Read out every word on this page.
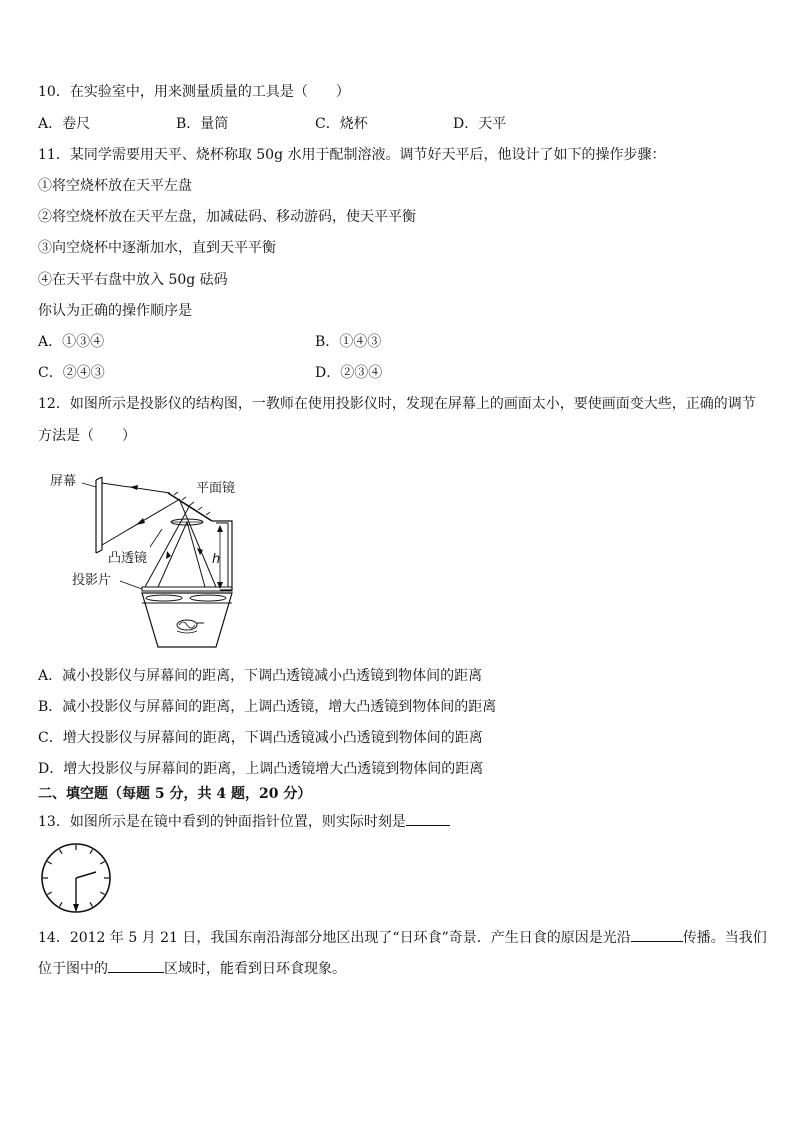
10．在实验室中，用来测量质量的工具是（　　）
A．卷尺	B．量筒	C．烧杯	D．天平
11．某同学需要用天平、烧杯称取 50g 水用于配制溶液。调节好天平后，他设计了如下的操作步骤：
①将空烧杯放在天平左盘
②将空烧杯放在天平左盘，加减砝码、移动游码，使天平平衡
③向空烧杯中逐渐加水，直到天平平衡
④在天平右盘中放入 50g 砝码
你认为正确的操作顺序是
A．①③④	B．①④③
C．②④③	D．②③④
12．如图所示是投影仪的结构图，一教师在使用投影仪时，发现在屏幕上的画面太小，要使画面变大些，正确的调节
方法是（　　）
屏幕	平面镜
h
凸透镜
投影片
A．减小投影仪与屏幕间的距离，下调凸透镜减小凸透镜到物体间的距离
B．减小投影仪与屏幕间的距离，上调凸透镜，增大凸透镜到物体间的距离
C．增大投影仪与屏幕间的距离，下调凸透镜减小凸透镜到物体间的距离
D．增大投影仪与屏幕间的距离，上调凸透镜增大凸透镜到物体间的距离
二、填空题（每题 5 分，共 4 题，20 分）
13．如图所示是在镜中看到的钟面指针位置，则实际时刻是
14．2012 年 5 月 21 日，我国东南沿海部分地区出现了“日环食”奇景．产生日食的原因是光沿	传播。当我们
位于图中的	区域时，能看到日环食现象。
